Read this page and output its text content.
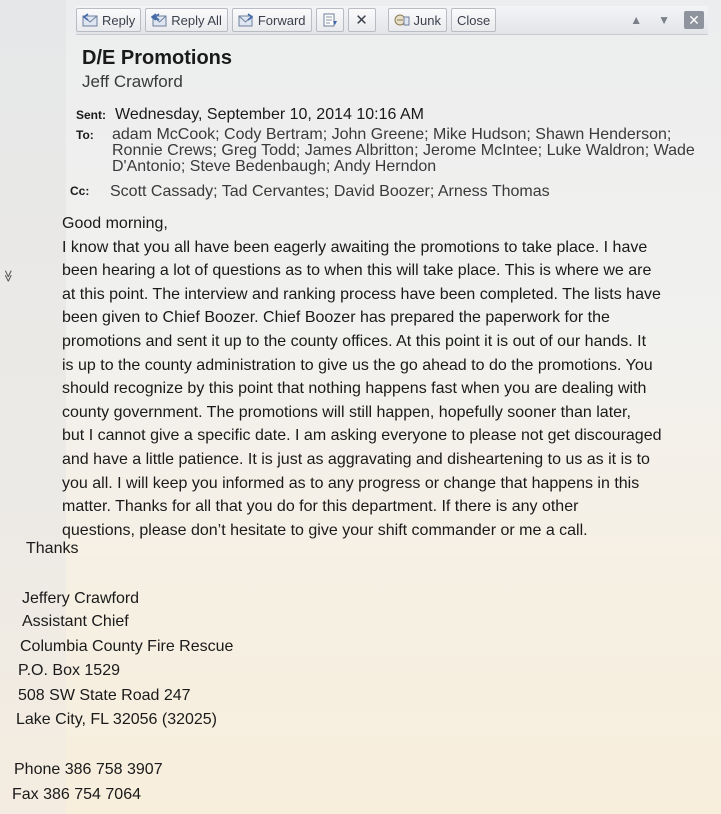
≫
Reply	Reply All	Forward	✕	Junk Close	▲ ▼ ✕
D/E Promotions
Jeff Crawford
Sent: Wednesday, September 10, 2014 10:16 AM
To: adam McCook; Cody Bertram; John Greene; Mike Hudson; Shawn Henderson; Ronnie Crews; Greg Todd; James Albritton; Jerome McIntee; Luke Waldron; Wade D'Antonio; Steve Bedenbaugh; Andy Herndon
Cc: Scott Cassady; Tad Cervantes; David Boozer; Arness Thomas

Good morning,

I know that you all have been eagerly awaiting the promotions to take place. I have
been hearing a lot of questions as to when this will take place. This is where we are
at this point. The interview and ranking process have been completed. The lists have
been given to Chief Boozer. Chief Boozer has prepared the paperwork for the
promotions and sent it up to the county offices. At this point it is out of our hands. It
is up to the county administration to give us the go ahead to do the promotions. You
should recognize by this point that nothing happens fast when you are dealing with
county government. The promotions will still happen, hopefully sooner than later,
but I cannot give a specific date. I am asking everyone to please not get discouraged
and have a little patience. It is just as aggravating and disheartening to us as it is to
you all. I will keep you informed as to any progress or change that happens in this
matter. Thanks for all that you do for this department. If there is any other
questions, please don’t hesitate to give your shift commander or me a call.
Thanks
Jeffery Crawford
Assistant Chief
Columbia County Fire Rescue
P.O. Box 1529
508 SW State Road 247
Lake City, FL 32056 (32025)
Phone 386 758 3907
Fax 386 754 7064
